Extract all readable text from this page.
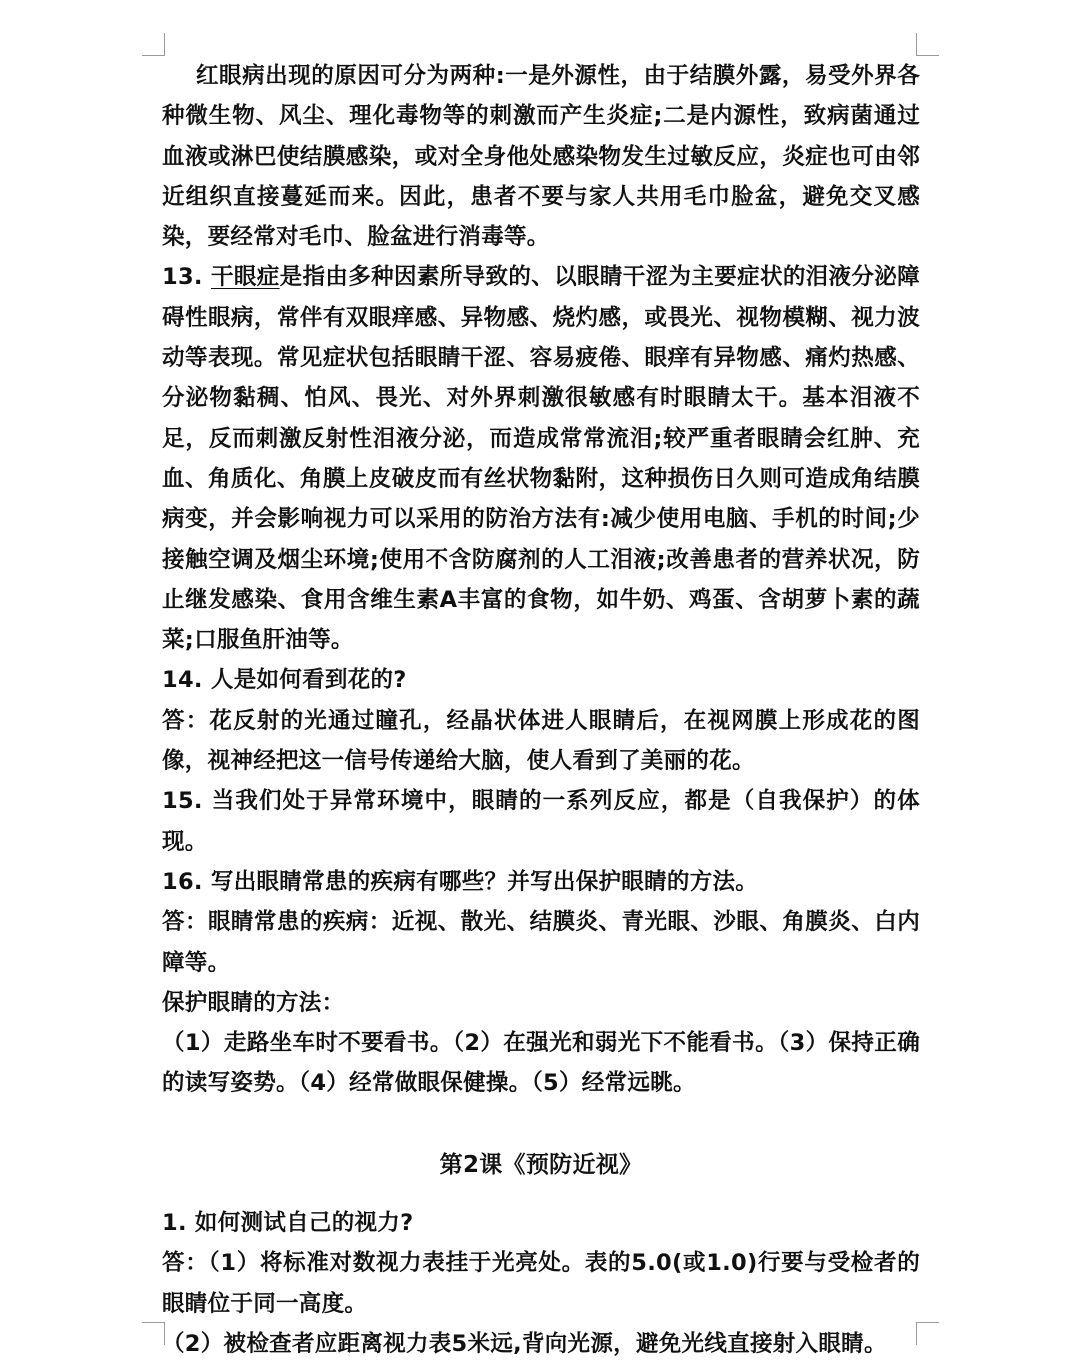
红眼病出现的原因可分为两种:一是外源性，由于结膜外露，易受外界各种微生物、风尘、理化毒物等的刺激而产生炎症;二是内源性，致病菌通过血液或淋巴使结膜感染，或对全身他处感染物发生过敏反应，炎症也可由邻近组织直接蔓延而来。因此，患者不要与家人共用毛巾脸盆，避免交叉感染，要经常对毛巾、脸盆进行消毒等。

13. 干眼症是指由多种因素所导致的、以眼睛干涩为主要症状的泪液分泌障碍性眼病，常伴有双眼痒感、异物感、烧灼感，或畏光、视物模糊、视力波动等表现。常见症状包括眼睛干涩、容易疲倦、眼痒有异物感、痛灼热感、分泌物黏稠、怕风、畏光、对外界刺激很敏感有时眼睛太干。基本泪液不足，反而刺激反射性泪液分泌，而造成常常流泪;较严重者眼睛会红肿、充血、角质化、角膜上皮破皮而有丝状物黏附，这种损伤日久则可造成角结膜病变，并会影响视力可以采用的防治方法有:减少使用电脑、手机的时间;少接触空调及烟尘环境;使用不含防腐剂的人工泪液;改善患者的营养状况，防止继发感染、食用含维生素A丰富的食物，如牛奶、鸡蛋、含胡萝卜素的蔬菜;口服鱼肝油等。

14. 人是如何看到花的?

答：花反射的光通过瞳孔，经晶状体进人眼睛后，在视网膜上形成花的图像，视神经把这一信号传递给大脑，使人看到了美丽的花。

15. 当我们处于异常环境中，眼睛的一系列反应，都是（自我保护）的体现。

16. 写出眼睛常患的疾病有哪些？并写出保护眼睛的方法。

答：眼睛常患的疾病：近视、散光、结膜炎、青光眼、沙眼、角膜炎、白内障等。

保护眼睛的方法：

（1）走路坐车时不要看书。（2）在强光和弱光下不能看书。（3）保持正确的读写姿势。（4）经常做眼保健操。（5）经常远眺。

第2课《预防近视》

1. 如何测试自己的视力?

答：（1）将标准对数视力表挂于光亮处。表的5.0(或1.0)行要与受检者的眼睛位于同一高度。

（2）被检查者应距离视力表5米远,背向光源，避免光线直接射入眼睛。
